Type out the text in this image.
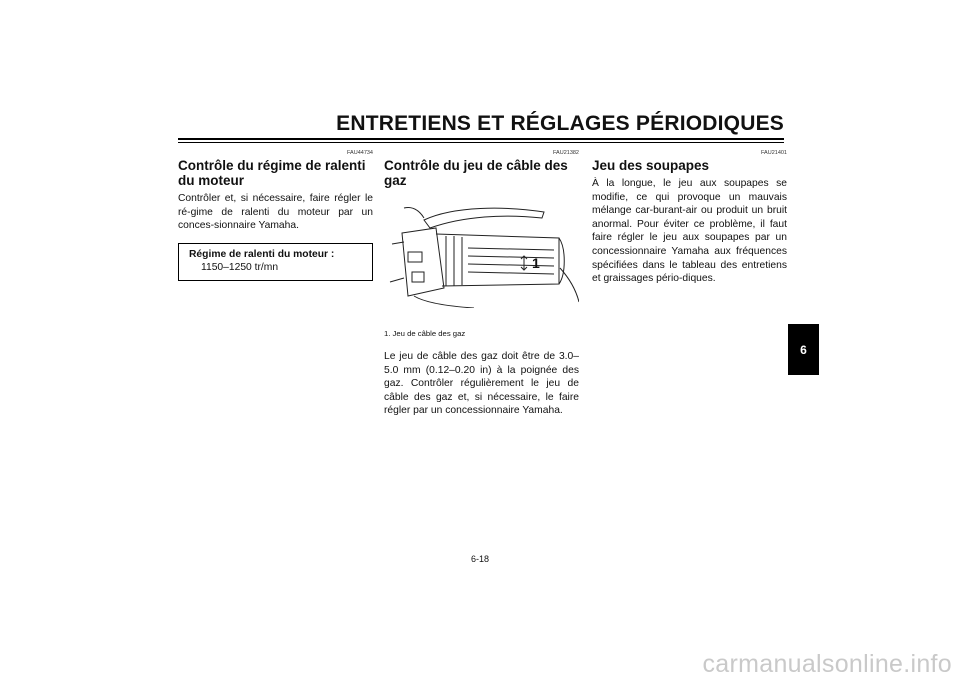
ENTRETIENS ET RÉGLAGES PÉRIODIQUES
FAU44734
Contrôle du régime de ralenti du moteur

Contrôler et, si nécessaire, faire régler le ré-gime de ralenti du moteur par un conces-sionnaire Yamaha.

Régime de ralenti du moteur :
1150–1250 tr/mn
FAU21382
Contrôle du jeu de câble des gaz
1
1. Jeu de câble des gaz

Le jeu de câble des gaz doit être de 3.0–5.0 mm (0.12–0.20 in) à la poignée des gaz. Contrôler régulièrement le jeu de câble des gaz et, si nécessaire, le faire régler par un concessionnaire Yamaha.

FAU21401
Jeu des soupapes

À la longue, le jeu aux soupapes se modifie, ce qui provoque un mauvais mélange car-burant-air ou produit un bruit anormal. Pour éviter ce problème, il faut faire régler le jeu aux soupapes par un concessionnaire Yamaha aux fréquences spécifiées dans le tableau des entretiens et graissages pério-diques.

6
6-18
carmanualsonline.info
